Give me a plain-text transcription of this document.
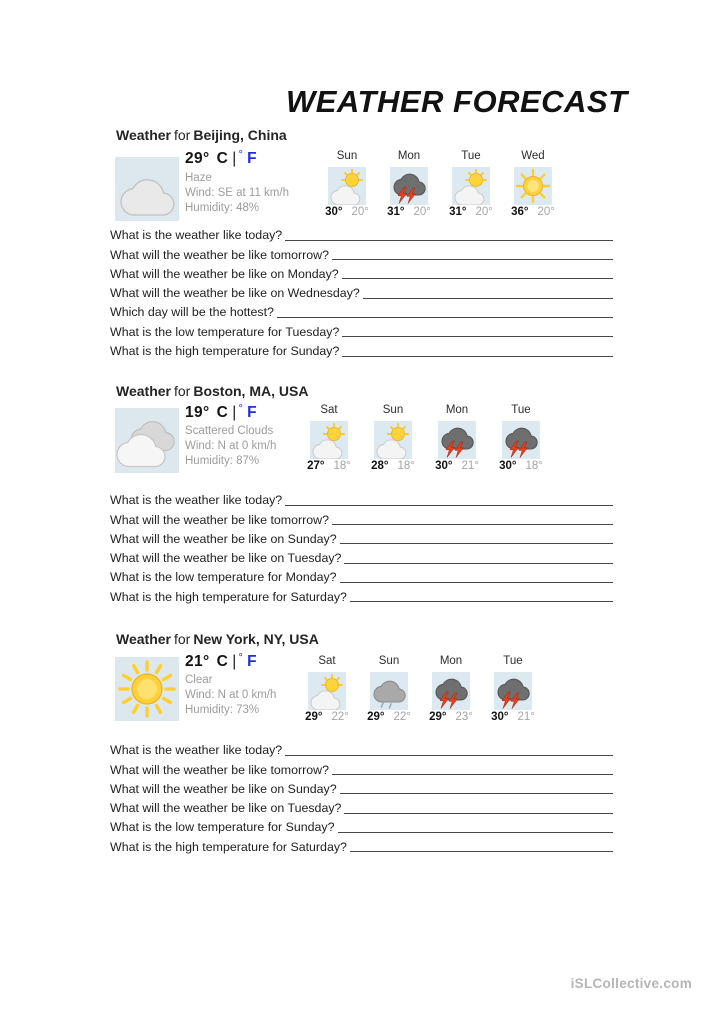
WEATHER FORECAST
Weather for Beijing, China
29° C | ° F
Haze
Wind: SE at 11 km/h
Humidity: 48%
Sun
30° 20°
Mon
31° 20°
Tue
31° 20°
Wed
36° 20°
What is the weather like today?
What will the weather be like tomorrow?
What will the weather be like on Monday?
What will the weather be like on Wednesday?
Which day will be the hottest?
What is the low temperature for Tuesday?
What is the high temperature for Sunday?
Weather for Boston, MA, USA
19° C | ° F
Scattered Clouds
Wind: N at 0 km/h
Humidity: 87%
Sat
27° 18°
Sun
28° 18°
Mon
30° 21°
Tue
30° 18°
What is the weather like today?
What will the weather be like tomorrow?
What will the weather be like on Sunday?
What will the weather be like on Tuesday?
What is the low temperature for Monday?
What is the high temperature for Saturday?
Weather for New York, NY, USA
21° C | ° F
Clear
Wind: N at 0 km/h
Humidity: 73%
Sat
29° 22°
Sun
29° 22°
Mon
29° 23°
Tue
30° 21°
What is the weather like today?
What will the weather be like tomorrow?
What will the weather be like on Sunday?
What will the weather be like on Tuesday?
What is the low temperature for Sunday?
What is the high temperature for Saturday?
iSLCollective.com
